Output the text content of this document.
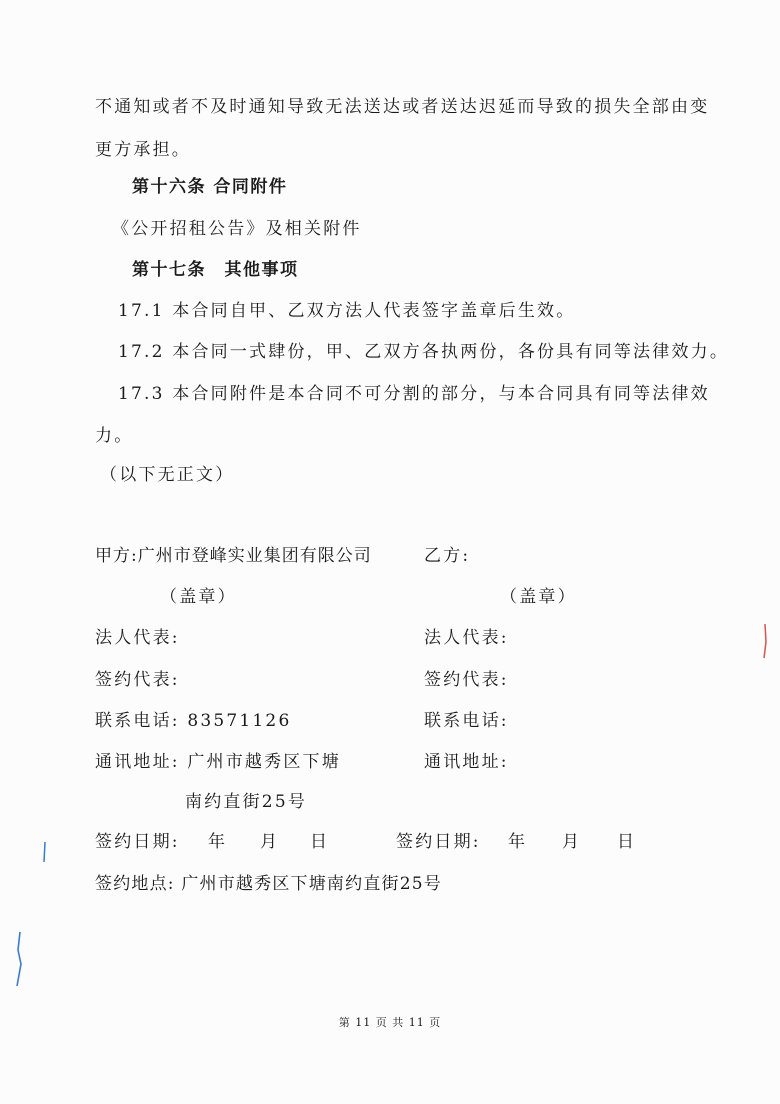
不通知或者不及时通知导致无法送达或者送达迟延而导致的损失全部由变
更方承担。
第十六条 合同附件
《公开招租公告》及相关附件
第十七条　其他事项
17.1 本合同自甲、乙双方法人代表签字盖章后生效。
17.2 本合同一式肆份，甲、乙双方各执两份，各份具有同等法律效力。
17.3 本合同附件是本合同不可分割的部分，与本合同具有同等法律效
力。
（以下无正文）
甲方:广州市登峰实业集团有限公司
（盖章）
法人代表:
签约代表:
联系电话: 83571126
通讯地址: 广州市越秀区下塘
南约直街25号
签约日期: 年 月 日
乙方:
（盖章）
法人代表:
签约代表:
联系电话:
通讯地址:
签约日期: 年 月 日
签约地点: 广州市越秀区下塘南约直街25号
第 11 页 共 11 页
